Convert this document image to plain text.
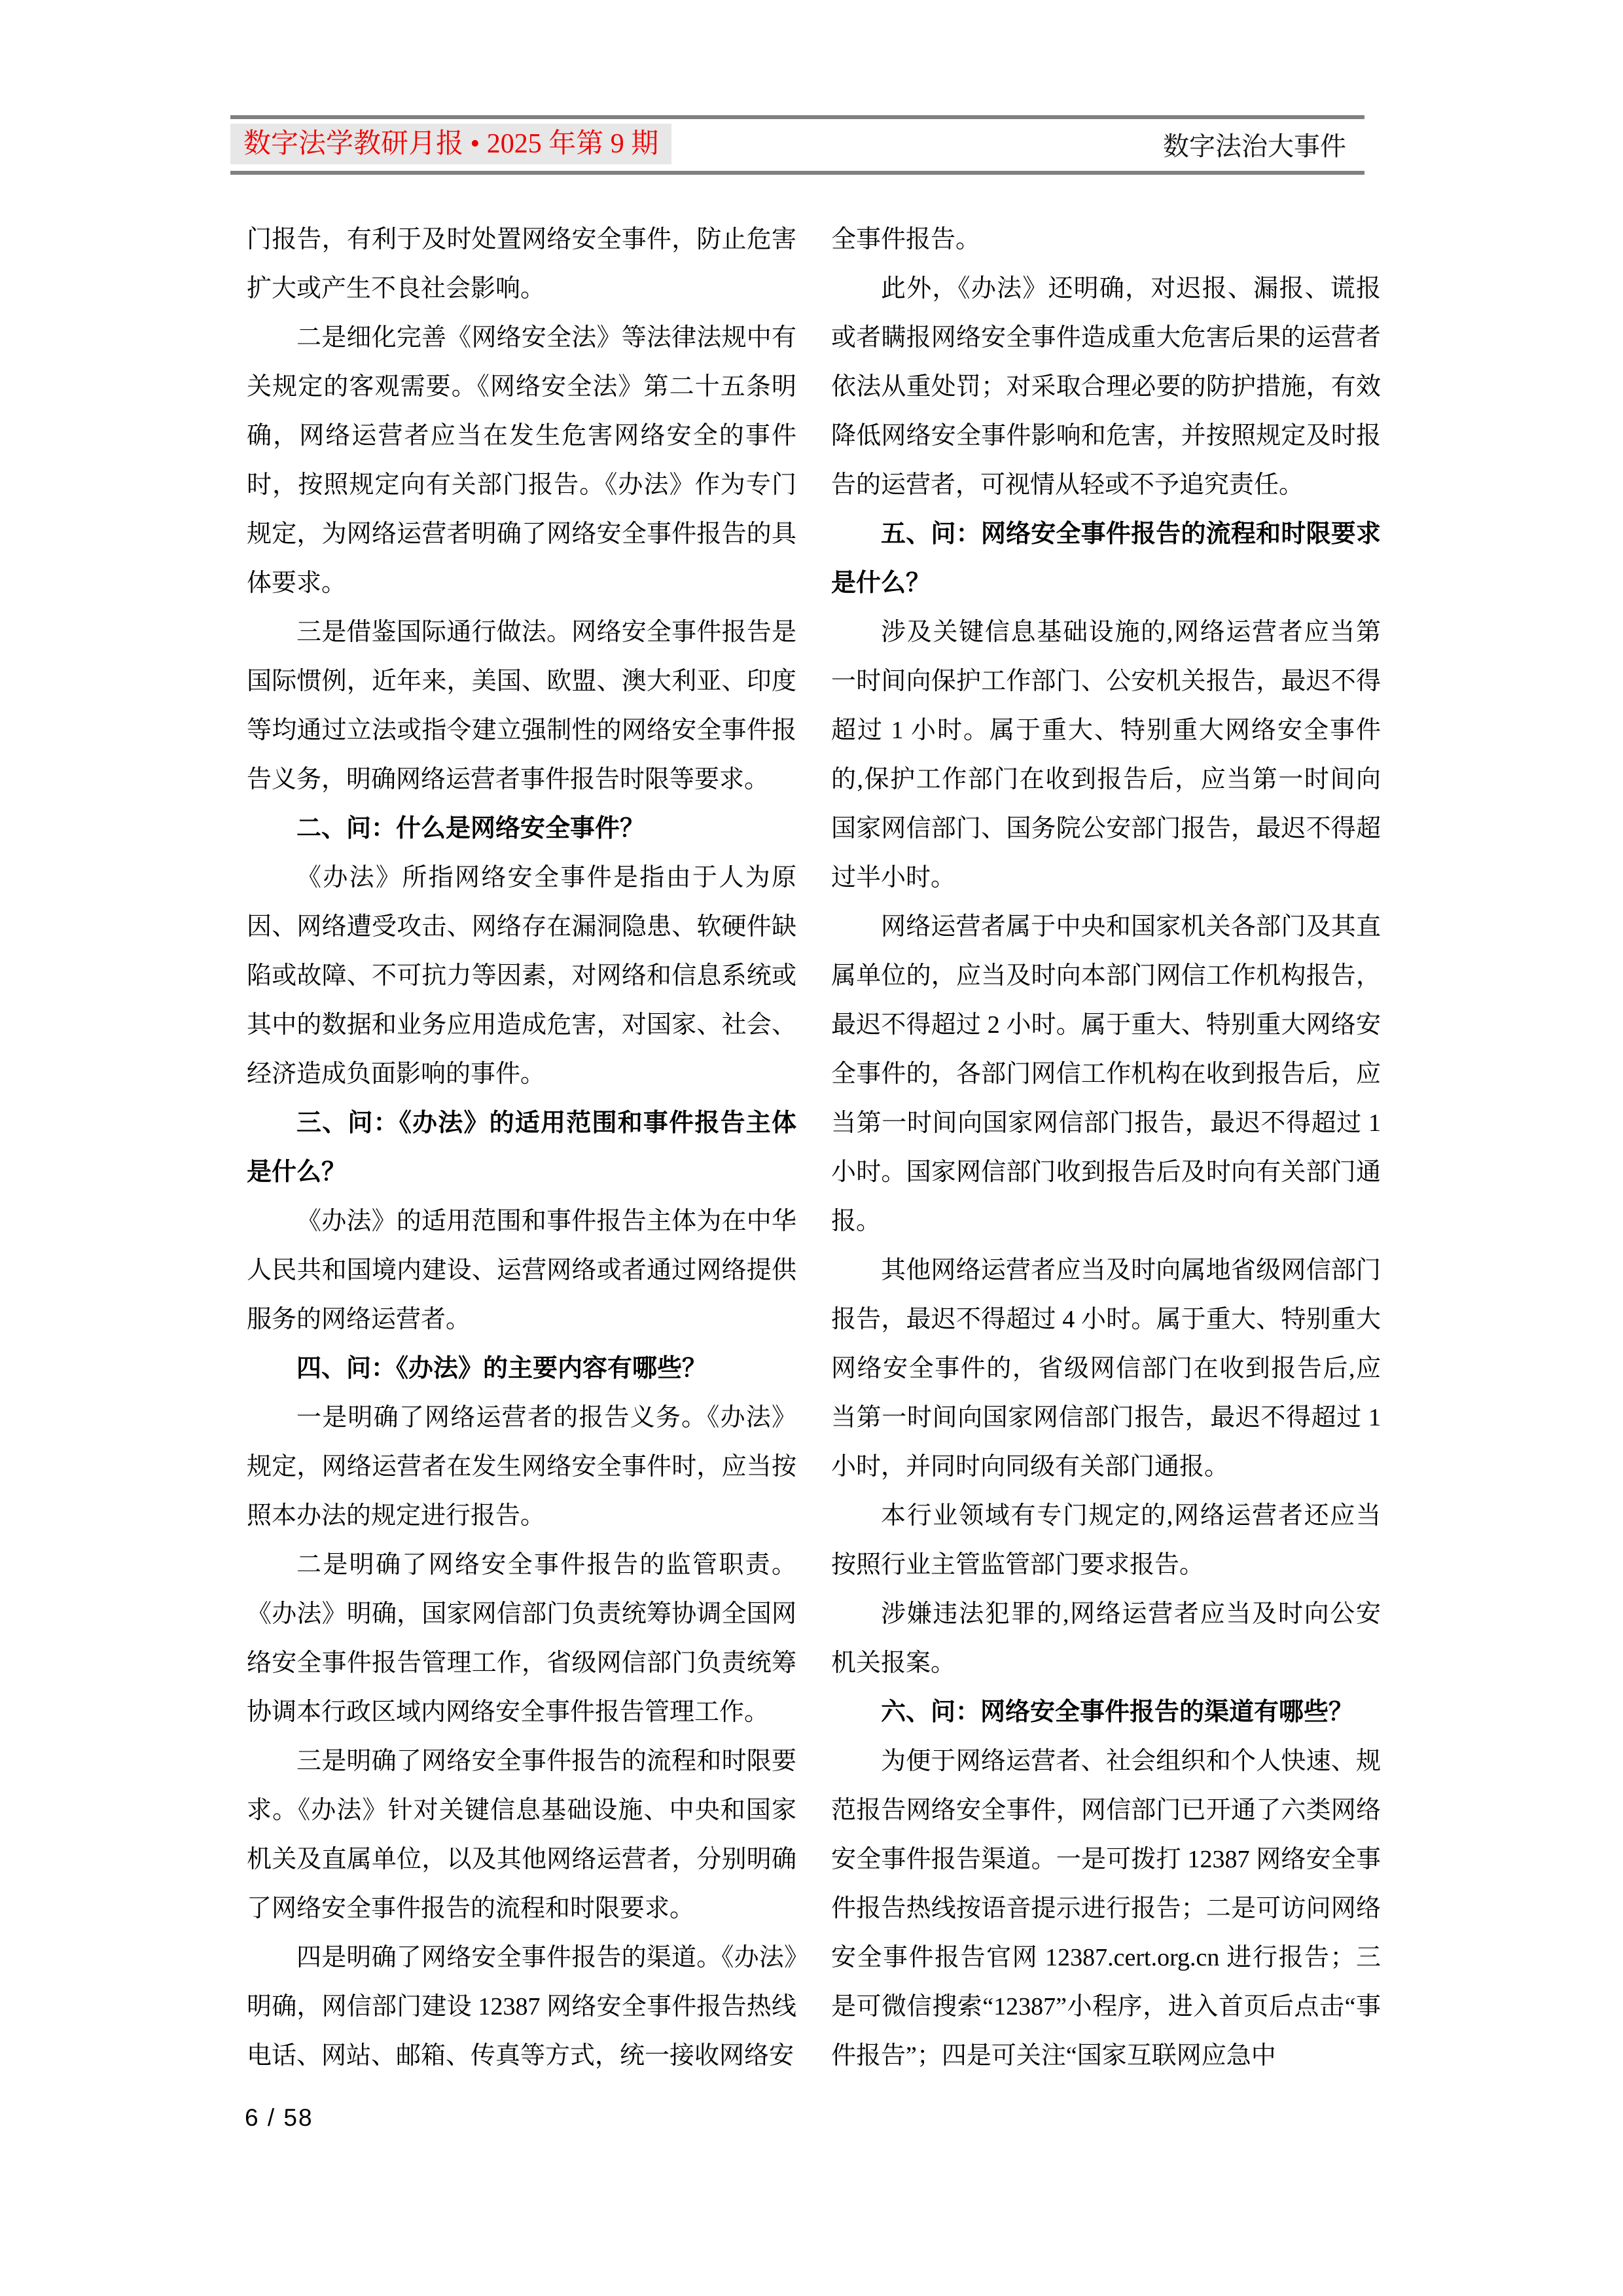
数字法学教研月报 • 2025 年第 9 期	数字法治大事件

门报告，有利于及时处置网络安全事件，防止危害扩大或产生不良社会影响。

二是细化完善《网络安全法》等法律法规中有关规定的客观需要。《网络安全法》第二十五条明确，网络运营者应当在发生危害网络安全的事件时，按照规定向有关部门报告。《办法》作为专门规定，为网络运营者明确了网络安全事件报告的具体要求。

三是借鉴国际通行做法。网络安全事件报告是国际惯例，近年来，美国、欧盟、澳大利亚、印度等均通过立法或指令建立强制性的网络安全事件报告义务，明确网络运营者事件报告时限等要求。

二、问：什么是网络安全事件？

《办法》所指网络安全事件是指由于人为原因、网络遭受攻击、网络存在漏洞隐患、软硬件缺陷或故障、不可抗力等因素，对网络和信息系统或其中的数据和业务应用造成危害，对国家、社会、经济造成负面影响的事件。

三、问：《办法》的适用范围和事件报告主体是什么？

《办法》的适用范围和事件报告主体为在中华人民共和国境内建设、运营网络或者通过网络提供服务的网络运营者。

四、问：《办法》的主要内容有哪些？

一是明确了网络运营者的报告义务。《办法》规定，网络运营者在发生网络安全事件时，应当按照本办法的规定进行报告。

二是明确了网络安全事件报告的监管职责。《办法》明确，国家网信部门负责统筹协调全国网络安全事件报告管理工作，省级网信部门负责统筹协调本行政区域内网络安全事件报告管理工作。

三是明确了网络安全事件报告的流程和时限要求。《办法》针对关键信息基础设施、中央和国家机关及直属单位，以及其他网络运营者，分别明确了网络安全事件报告的流程和时限要求。

四是明确了网络安全事件报告的渠道。《办法》明确，网信部门建设 12387 网络安全事件报告热线电话、网站、邮箱、传真等方式，统一接收网络安

全事件报告。

此外，《办法》还明确，对迟报、漏报、谎报或者瞒报网络安全事件造成重大危害后果的运营者依法从重处罚；对采取合理必要的防护措施，有效降低网络安全事件影响和危害，并按照规定及时报告的运营者，可视情从轻或不予追究责任。

五、问：网络安全事件报告的流程和时限要求是什么？

涉及关键信息基础设施的,网络运营者应当第一时间向保护工作部门、公安机关报告，最迟不得超过 1 小时。属于重大、特别重大网络安全事件的,保护工作部门在收到报告后，应当第一时间向国家网信部门、国务院公安部门报告，最迟不得超过半小时。

网络运营者属于中央和国家机关各部门及其直属单位的，应当及时向本部门网信工作机构报告，最迟不得超过 2 小时。属于重大、特别重大网络安全事件的，各部门网信工作机构在收到报告后，应当第一时间向国家网信部门报告，最迟不得超过 1 小时。国家网信部门收到报告后及时向有关部门通报。

其他网络运营者应当及时向属地省级网信部门报告，最迟不得超过 4 小时。属于重大、特别重大网络安全事件的，省级网信部门在收到报告后,应当第一时间向国家网信部门报告，最迟不得超过 1 小时，并同时向同级有关部门通报。

本行业领域有专门规定的,网络运营者还应当按照行业主管监管部门要求报告。

涉嫌违法犯罪的,网络运营者应当及时向公安机关报案。

六、问：网络安全事件报告的渠道有哪些？

为便于网络运营者、社会组织和个人快速、规范报告网络安全事件，网信部门已开通了六类网络安全事件报告渠道。一是可拨打 12387 网络安全事件报告热线按语音提示进行报告；二是可访问网络安全事件报告官网 12387.cert.org.cn 进行报告；三是可微信搜索“12387”小程序，进入首页后点击“事件报告”；四是可关注“国家互联网应急中

6 / 58
